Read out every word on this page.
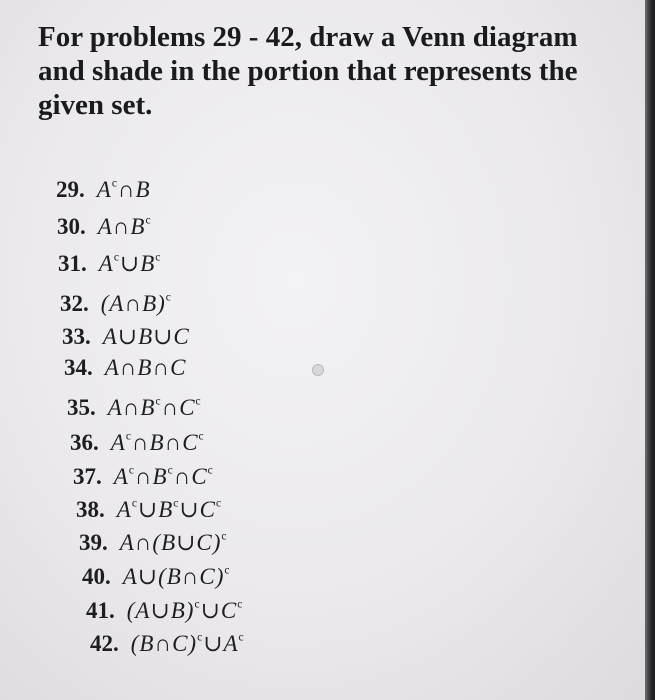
For problems 29 - 42, draw a Venn diagram
and shade in the portion that represents the
given set.
29. $A^c\cap B$
30. $A\cap B^c$
31. $A^c\cup B^c$
32. (A∩B)$^c$
33. A∪B∪C
34. A∩B∩C
35. $A\cap B^c\cap C^c$
36. $A^c\cap B\cap C^c$
37. $A^c\cap B^c\cap C^c$
38. $A^c\cup B^c\cup C^c$
39. A∩(B∪C)$^c$
40. A∪(B∩C)$^c$
41. $(A\cup B)^c\cup C^c$
42. $(B\cap C)^c\cup A^c$
